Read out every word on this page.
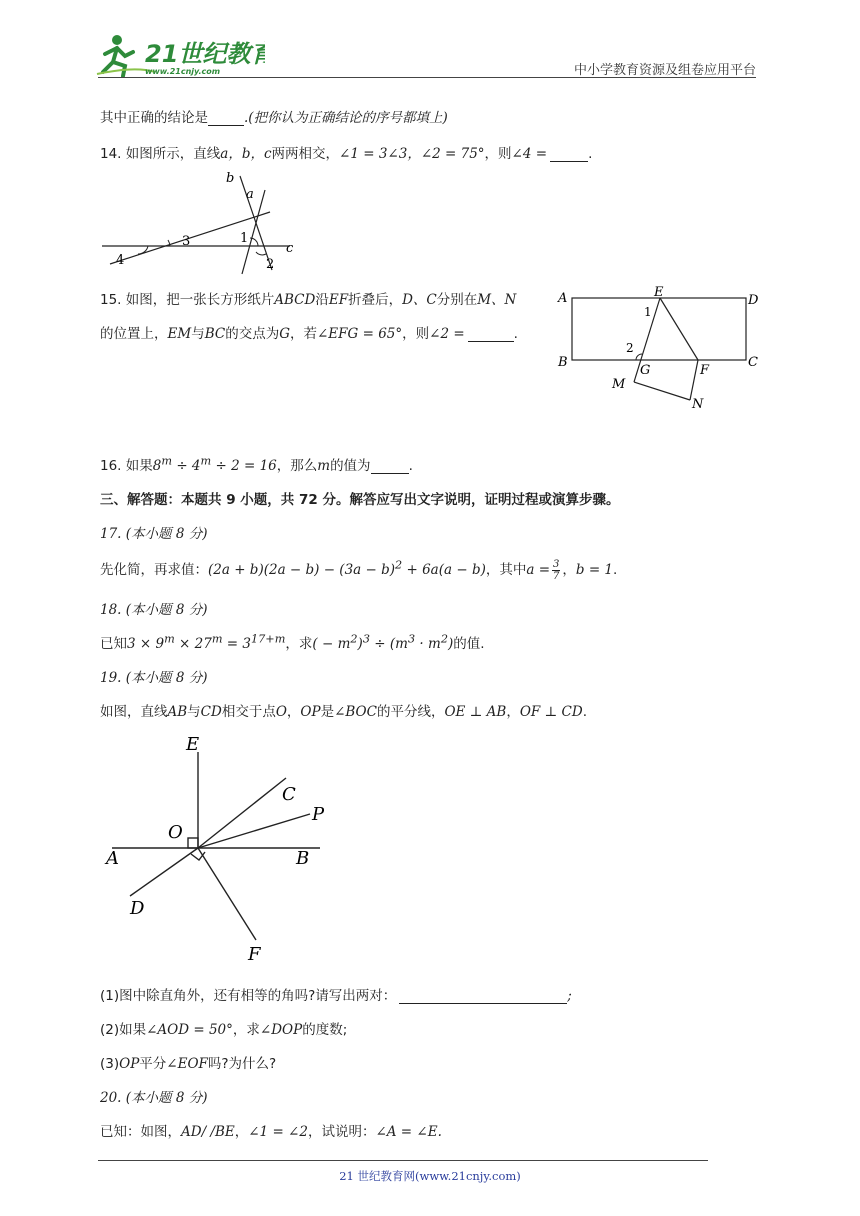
21世纪教育
www.21cnjy.com	中小学教育资源及组卷应用平台
其中正确的结论是	.(把你认为正确结论的序号都填上)
14. 如图所示，直线a，b，c两两相交，∠1 = 3∠3，∠2 = 75°，则∠4 =	.
b
a
1
3
4	2
c
15. 如图，把一张长方形纸片ABCD沿EF折叠后，D、C分别在M、N
的位置上，EM与BC的交点为G，若∠EFG = 65°，则∠2 =	.
A	E
D
1
2
B
G	F
C
M
N
16. 如果$8^m \div 4^m \div 2 = 16$，那么m的值为	.
三、解答题：本题共 9 小题，共 72 分。解答应写出文字说明，证明过程或演算步骤。
17. (本小题 8 分)
先化简，再求值：$(2a + b)(2a - b) - (3a - b)^2 + 6a(a - b)$，其中$a = \frac{3}{7}$ ，b = 1.
18. (本小题 8 分)
已知$3 \times 9^m \times 27^m = 3^{17+m}$，求( − $m^2)^3 \div (m^3 \cdot m^2)$的值.
19. (本小题 8 分)
如图，直线AB与CD相交于点O，OP是∠BOC的平分线，OE ⊥ AB，OF ⊥ CD.
E
C
P
O
A	B
D
F
(1)图中除直角外，还有相等的角吗?请写出两对：	;
(2)如果∠AOD = 50°，求∠DOP的度数;
(3)OP平分∠EOF吗?为什么?
20. (本小题 8 分)
已知：如图，AD/ /BE，∠1 = ∠2，试说明：∠A = ∠E.
21 世纪教育网(www.21cnjy.com)
